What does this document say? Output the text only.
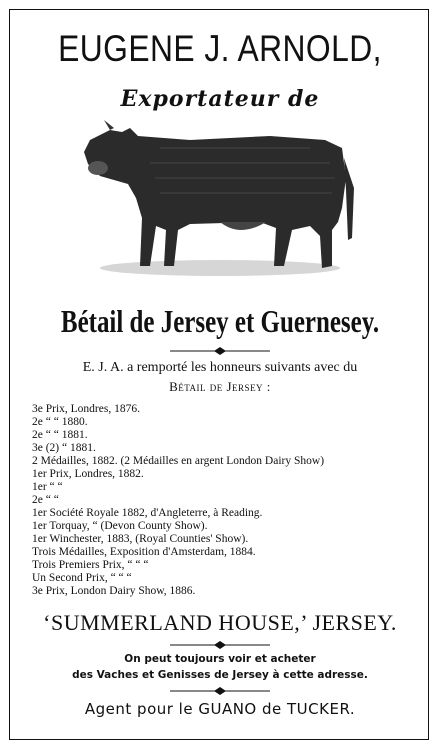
EUGENE J. ARNOLD,
Exportateur de
Bétail de Jersey et Guernesey.
E. J. A. a remporté les honneurs suivants avec du
Bétail de Jersey :
3e Prix, Londres, 1876.
2e “ “ 1880.
2e “ “ 1881.
3e (2) “ 1881.
2 Médailles, 1882. (2 Médailles en argent London Dairy Show)
1er Prix, Londres, 1882.
1er “ “
2e “ “
1er Société Royale 1882, d'Angleterre, à Reading.
1er Torquay, “ (Devon County Show).
1er Winchester, 1883, (Royal Counties' Show).
Trois Médailles, Exposition d'Amsterdam, 1884.
Trois Premiers Prix, “ “ “
Un Second Prix, “ “ “
3e Prix, London Dairy Show, 1886.
‘SUMMERLAND HOUSE,’ JERSEY.
On peut toujours voir et acheter
des Vaches et Genisses de Jersey à cette adresse.
Agent pour le GUANO de TUCKER.
